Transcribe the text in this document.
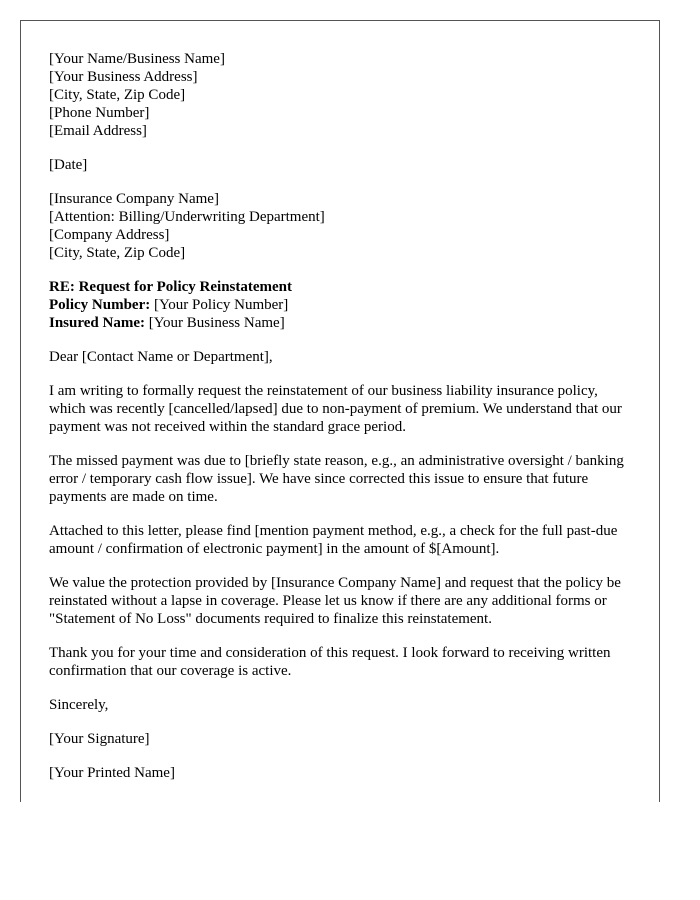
[Your Name/Business Name]
[Your Business Address]
[City, State, Zip Code]
[Phone Number]
[Email Address]
[Date]
[Insurance Company Name]
[Attention: Billing/Underwriting Department]
[Company Address]
[City, State, Zip Code]
RE: Request for Policy Reinstatement
Policy Number: [Your Policy Number]
Insured Name: [Your Business Name]

Dear [Contact Name or Department],

I am writing to formally request the reinstatement of our business liability insurance policy, which was recently [cancelled/lapsed] due to non-payment of premium. We understand that our payment was not received within the standard grace period.

The missed payment was due to [briefly state reason, e.g., an administrative oversight / banking error / temporary cash flow issue]. We have since corrected this issue to ensure that future payments are made on time.

Attached to this letter, please find [mention payment method, e.g., a check for the full past-due amount / confirmation of electronic payment] in the amount of $[Amount].

We value the protection provided by [Insurance Company Name] and request that the policy be reinstated without a lapse in coverage. Please let us know if there are any additional forms or "Statement of No Loss" documents required to finalize this reinstatement.

Thank you for your time and consideration of this request. I look forward to receiving written confirmation that our coverage is active.

Sincerely,

[Your Signature]

[Your Printed Name]
